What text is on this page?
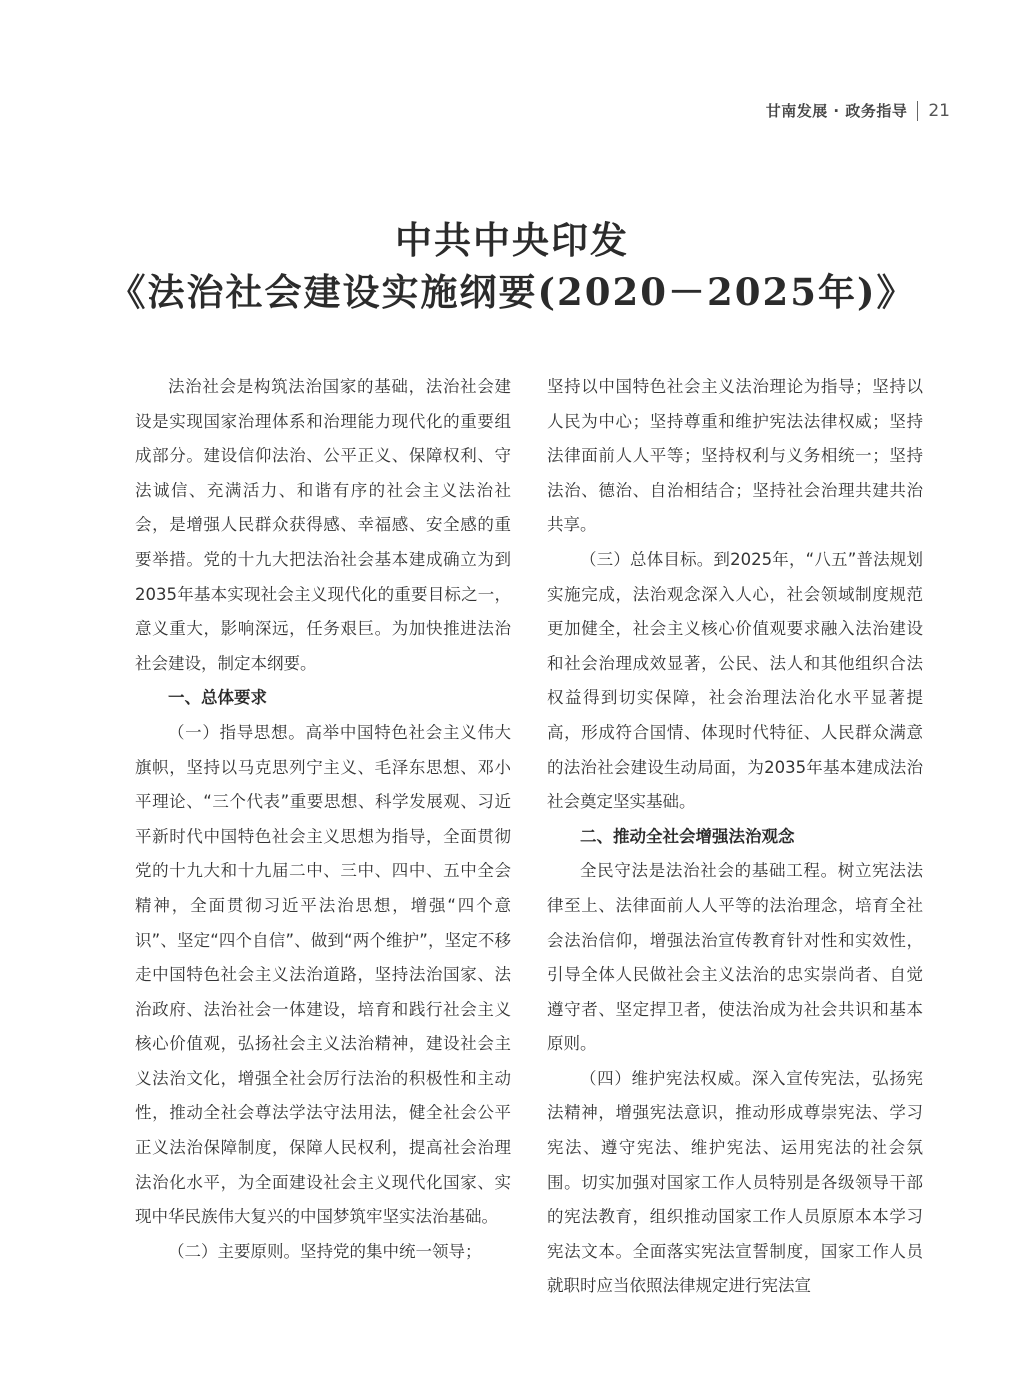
甘南发展 · 政务指导 21
中共中央印发
《法治社会建设实施纲要(2020－2025年)》

法治社会是构筑法治国家的基础，法治社会建设是实现国家治理体系和治理能力现代化的重要组成部分。建设信仰法治、公平正义、保障权利、守法诚信、充满活力、和谐有序的社会主义法治社会，是增强人民群众获得感、幸福感、安全感的重要举措。党的十九大把法治社会基本建成确立为到2035年基本实现社会主义现代化的重要目标之一，意义重大，影响深远，任务艰巨。为加快推进法治社会建设，制定本纲要。

一、总体要求

（一）指导思想。高举中国特色社会主义伟大旗帜，坚持以马克思列宁主义、毛泽东思想、邓小平理论、“三个代表”重要思想、科学发展观、习近平新时代中国特色社会主义思想为指导，全面贯彻党的十九大和十九届二中、三中、四中、五中全会精神，全面贯彻习近平法治思想，增强“四个意识”、坚定“四个自信”、做到“两个维护”，坚定不移走中国特色社会主义法治道路，坚持法治国家、法治政府、法治社会一体建设，培育和践行社会主义核心价值观，弘扬社会主义法治精神，建设社会主义法治文化，增强全社会厉行法治的积极性和主动性，推动全社会尊法学法守法用法，健全社会公平正义法治保障制度，保障人民权利，提高社会治理法治化水平，为全面建设社会主义现代化国家、实现中华民族伟大复兴的中国梦筑牢坚实法治基础。

（二）主要原则。坚持党的集中统一领导；

坚持以中国特色社会主义法治理论为指导；坚持以人民为中心；坚持尊重和维护宪法法律权威；坚持法律面前人人平等；坚持权利与义务相统一；坚持法治、德治、自治相结合；坚持社会治理共建共治共享。

（三）总体目标。到2025年，“八五”普法规划实施完成，法治观念深入人心，社会领域制度规范更加健全，社会主义核心价值观要求融入法治建设和社会治理成效显著，公民、法人和其他组织合法权益得到切实保障，社会治理法治化水平显著提高，形成符合国情、体现时代特征、人民群众满意的法治社会建设生动局面，为2035年基本建成法治社会奠定坚实基础。

二、推动全社会增强法治观念

全民守法是法治社会的基础工程。树立宪法法律至上、法律面前人人平等的法治理念，培育全社会法治信仰，增强法治宣传教育针对性和实效性，引导全体人民做社会主义法治的忠实崇尚者、自觉遵守者、坚定捍卫者，使法治成为社会共识和基本原则。

（四）维护宪法权威。深入宣传宪法，弘扬宪法精神，增强宪法意识，推动形成尊崇宪法、学习宪法、遵守宪法、维护宪法、运用宪法的社会氛围。切实加强对国家工作人员特别是各级领导干部的宪法教育，组织推动国家工作人员原原本本学习宪法文本。全面落实宪法宣誓制度，国家工作人员就职时应当依照法律规定进行宪法宣
